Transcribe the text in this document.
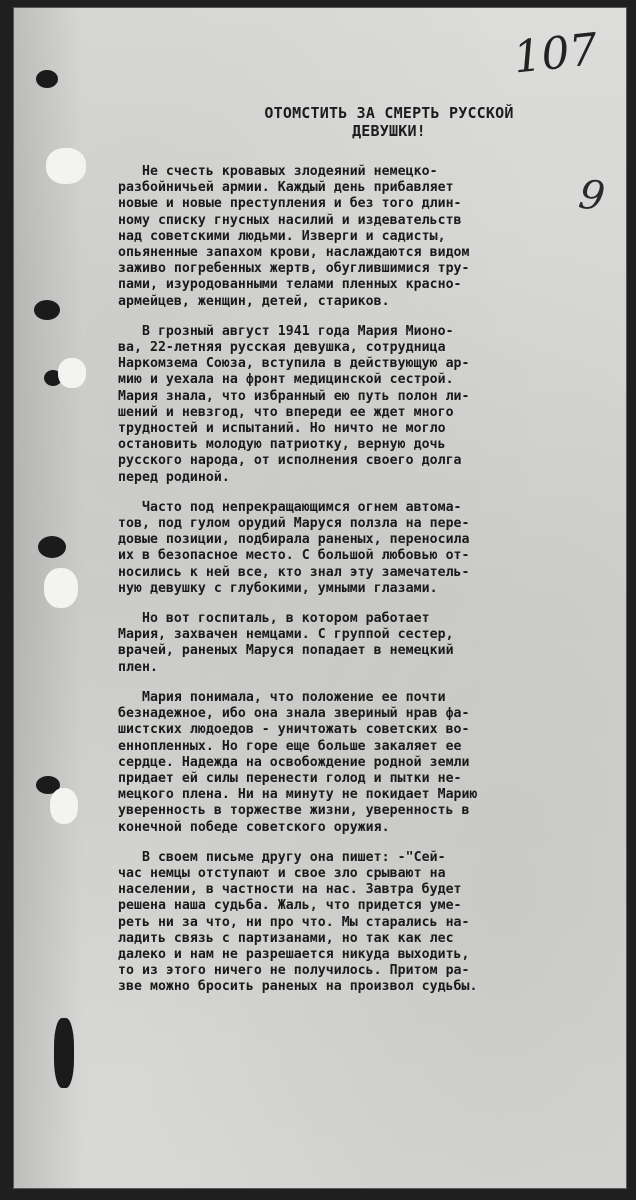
107
9
ОТОМСТИТЬ ЗА СМЕРТЬ РУССКОЙ
ДЕВУШКИ!
Не счесть кровавых злодеяний немецко-
разбойничьей армии. Каждый день прибавляет
новые и новые преступления и без того длин-
ному списку гнусных насилий и издевательств
над советскими людьми. Изверги и садисты,
опьяненные запахом крови, наслаждаются видом
заживо погребенных жертв, обуглившимися тру-
пами, изуродованными телами пленных красно-
армейцев, женщин, детей, стариков.
В грозный август 1941 года Мария Мионо-
ва, 22-летняя русская девушка, сотрудница
Наркомзема Союза, вступила в действующую ар-
мию и уехала на фронт медицинской сестрой.
Мария знала, что избранный ею путь полон ли-
шений и невзгод, что впереди ее ждет много
трудностей и испытаний. Но ничто не могло
остановить молодую патриотку, верную дочь
русского народа, от исполнения своего долга
перед родиной.
Часто под непрекращающимся огнем автома-
тов, под гулом орудий Маруся ползла на пере-
довые позиции, подбирала раненых, переносила
их в безопасное место. С большой любовью от-
носились к ней все, кто знал эту замечатель-
ную девушку с глубокими, умными глазами.
Но вот госпиталь, в котором работает
Мария, захвачен немцами. С группой сестер,
врачей, раненых Маруся попадает в немецкий
плен.
Мария понимала, что положение ее почти
безнадежное, ибо она знала звериный нрав фа-
шистских людоедов - уничтожать советских во-
еннопленных. Но горе еще больше закаляет ее
сердце. Надежда на освобождение родной земли
придает ей силы перенести голод и пытки не-
мецкого плена. Ни на минуту не покидает Марию
уверенность в торжестве жизни, уверенность в
конечной победе советского оружия.
В своем письме другу она пишет: -"Сей-
час немцы отступают и свое зло срывают на
населении, в частности на нас. Завтра будет
решена наша судьба. Жаль, что придется уме-
реть ни за что, ни про что. Мы старались на-
ладить связь с партизанами, но так как лес
далеко и нам не разрешается никуда выходить,
то из этого ничего не получилось. Притом ра-
зве можно бросить раненых на произвол судьбы.
